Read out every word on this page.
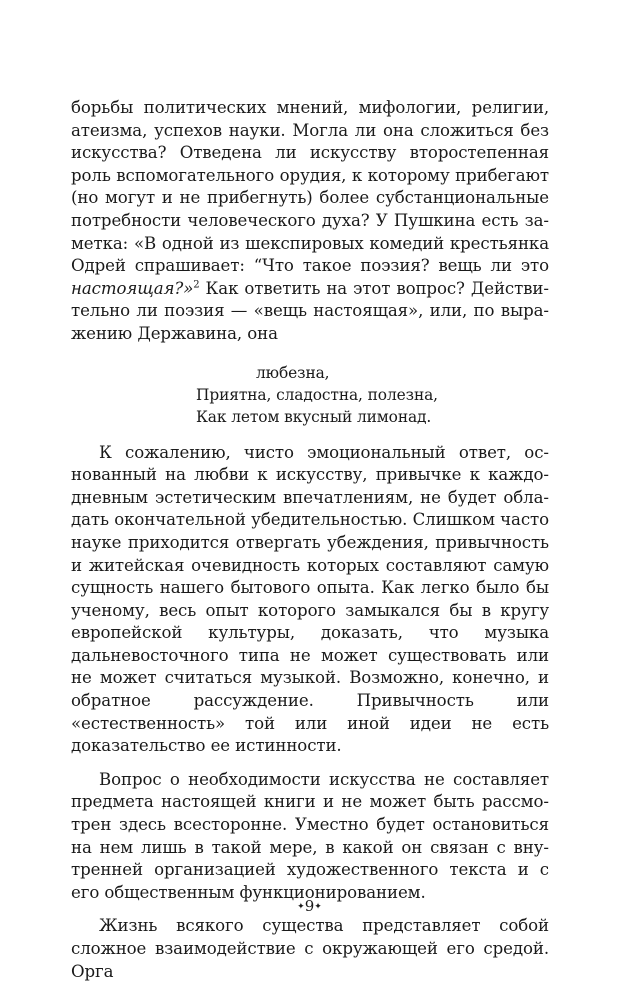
борьбы политических мнений, мифологии, религии, атеизма, успехов науки. Могла ли она сложиться без искусства? Отведена ли искусству второстепенная роль вспомогательного орудия, к которому прибегают (но могут и не прибегнуть) более субстанциональные потребности человеческого духа? У Пушкина есть заметка: «В одной из шекспировых комедий крестьянка Одрей спрашивает: “Что такое поэзия? вещь ли это настоящая?»$^2$ Как ответить на этот вопрос? Действительно ли поэзия — «вещь настоящая», или, по выражению Державина, она

любезна,
Приятна, сладостна, полезна,
Как летом вкусный лимонад.

К сожалению, чисто эмоциональный ответ, основанный на любви к искусству, привычке к каждодневным эстетическим впечатлениям, не будет облaдать окончательной убедительностью. Слишком часто науке приходится отвергать убеждения, привычность и житейская очевидность которых составляют самую сущность нашего бытового опыта. Как легко было бы ученому, весь опыт которого замыкался бы в кругу европейской культуры, доказать, что музыка дальневосточного типа не может существовать или не может считаться музыкой. Возможно, конечно, и обратное рассуждение. Привычность или «естественность» той или иной идеи не есть доказательство ее истинности.

Вопрос о необходимости искусства не составляет предмета настоящей книги и не может быть рассмотрен здесь всесторонне. Уместно будет остановиться на нем лишь в такой мере, в какой он связан с внутренней организацией художественного текста и с его общественным функционированием.

Жизнь всякого существа представляет собой сложное взаимодействие с окружающей его средой. Орга

✦9✦
